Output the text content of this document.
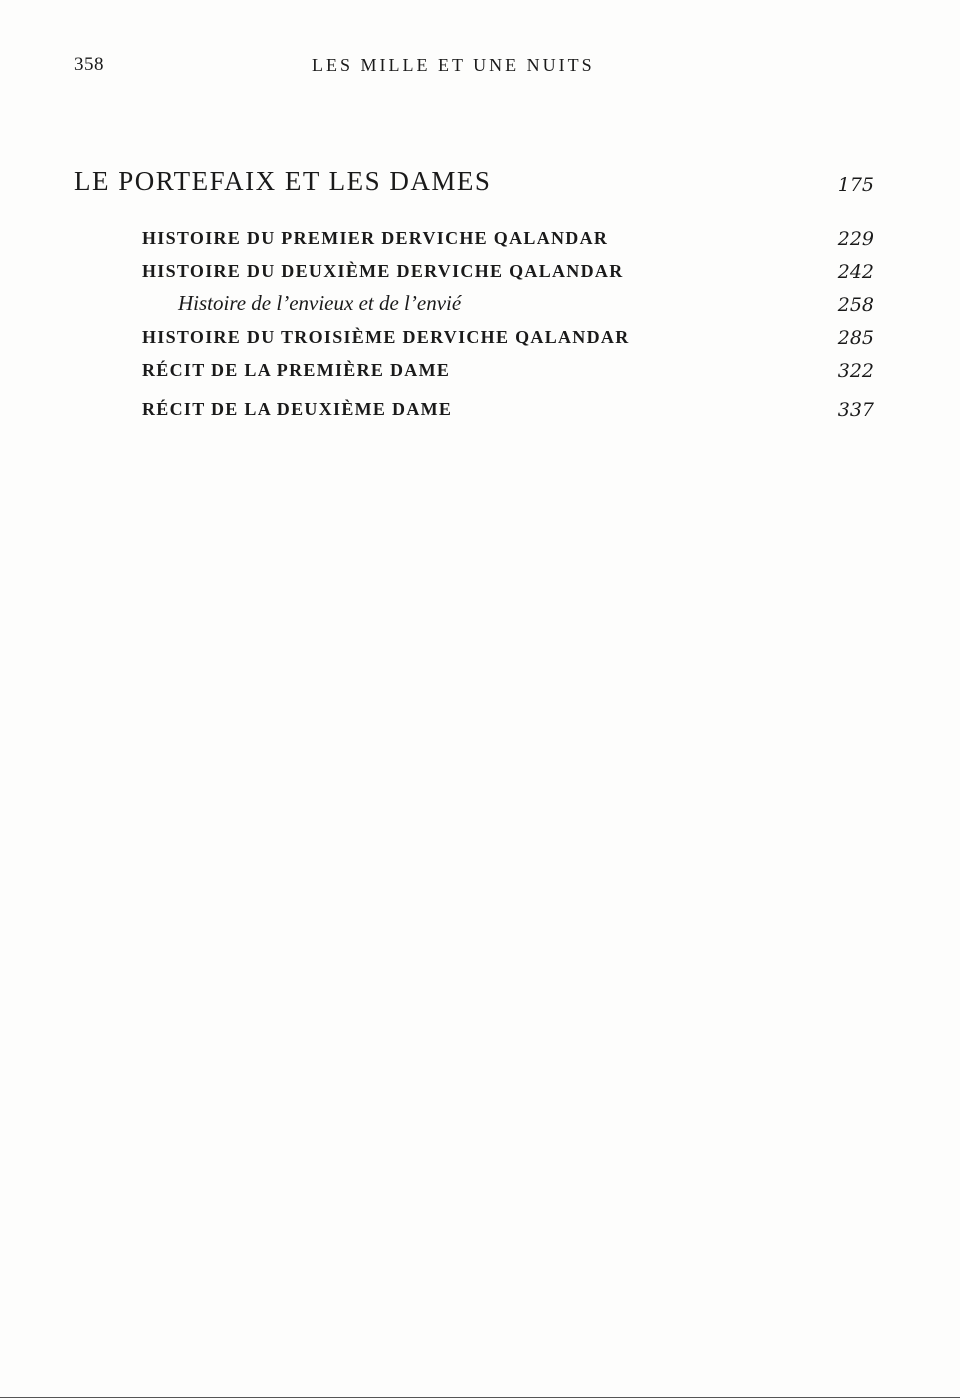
358	LES MILLE ET UNE NUITS
LE PORTEFAIX ET LES DAMES	175
HISTOIRE DU PREMIER DERVICHE QALANDAR	229
HISTOIRE DU DEUXIÈME DERVICHE QALANDAR	242
Histoire de l’envieux et de l’envié	258
HISTOIRE DU TROISIÈME DERVICHE QALANDAR	285
RÉCIT DE LA PREMIÈRE DAME	322
RÉCIT DE LA DEUXIÈME DAME	337
